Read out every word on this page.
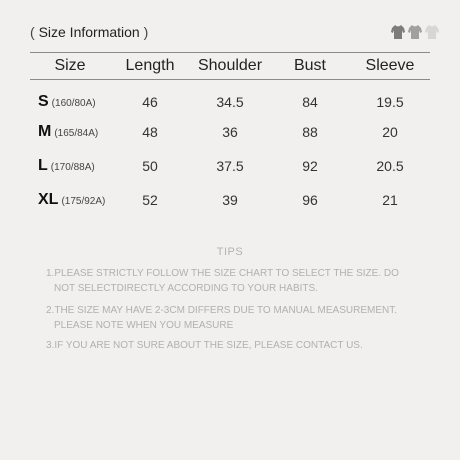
( Size Information )
Size	Length	Shoulder	Bust	Sleeve
S (160/80A)	46	34.5	84	19.5
M (165/84A)	48	36	88	20
L (170/88A)	50	37.5	92	20.5
XL (175/92A)	52	39	96	21
TIPS
1.PLEASE STRICTLY FOLLOW THE SIZE CHART TO SELECT THE SIZE. DO
NOT SELECTDIRECTLY ACCORDING TO YOUR HABITS.
2.THE SIZE MAY HAVE 2-3CM DIFFERS DUE TO MANUAL MEASUREMENT.
PLEASE NOTE WHEN YOU MEASURE
3.IF YOU ARE NOT SURE ABOUT THE SIZE, PLEASE CONTACT US.
